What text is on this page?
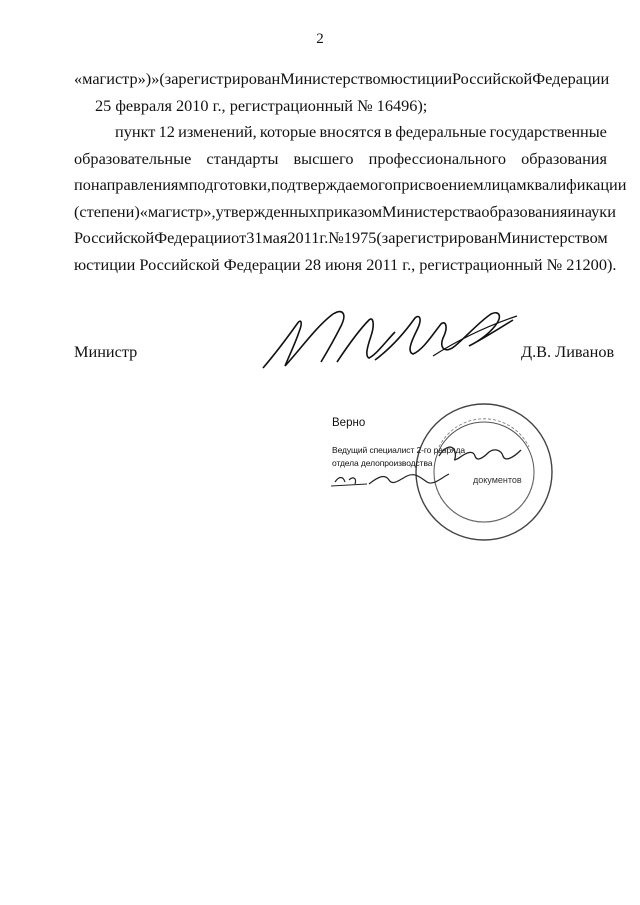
2
«магистр»)» (зарегистрирован Министерством юстиции Российской Федерации
25 февраля 2010 г., регистрационный № 16496);
пункт 12 изменений, которые вносятся в федеральные государственные
образовательные стандарты высшего профессионального образования
по направлениям подготовки, подтверждаемого присвоением лицам квалификации
(степени) «магистр», утвержденных приказом Министерства образования и науки
Российской Федерации от 31 мая 2011 г. № 1975 (зарегистрирован Министерством
юстиции Российской Федерации 28 июня 2011 г., регистрационный № 21200).
Министр	Д.В. Ливанов
Верно
Ведущий специалист 2-го разряда
отдела делопроизводства
документов
